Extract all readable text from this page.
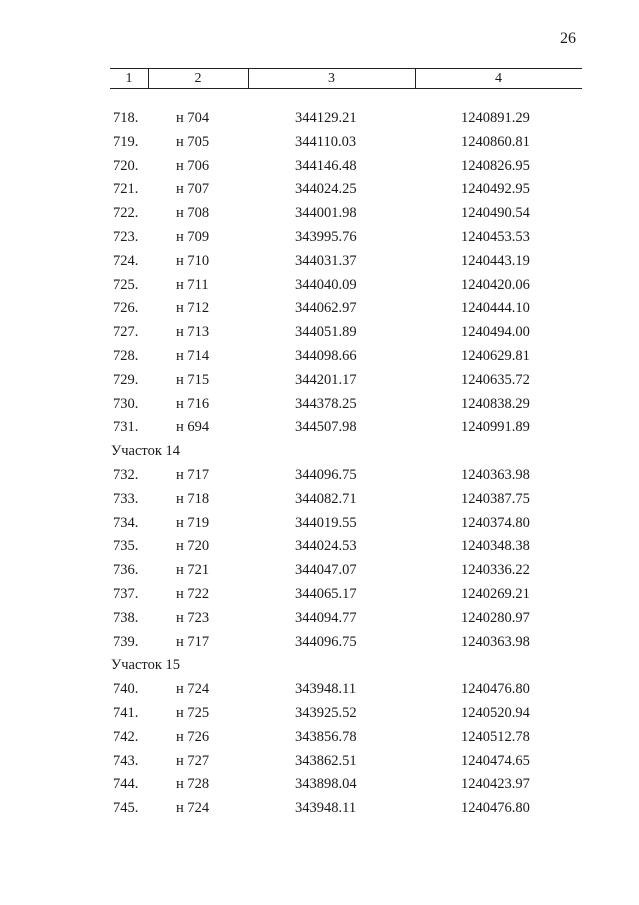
26
1	2	3	4
718.	н 704	344129.21	1240891.29
719.	н 705	344110.03	1240860.81
720.	н 706	344146.48	1240826.95
721.	н 707	344024.25	1240492.95
722.	н 708	344001.98	1240490.54
723.	н 709	343995.76	1240453.53
724.	н 710	344031.37	1240443.19
725.	н 711	344040.09	1240420.06
726.	н 712	344062.97	1240444.10
727.	н 713	344051.89	1240494.00
728.	н 714	344098.66	1240629.81
729.	н 715	344201.17	1240635.72
730.	н 716	344378.25	1240838.29
731.	н 694	344507.98	1240991.89
Участок 14
732.	н 717	344096.75	1240363.98
733.	н 718	344082.71	1240387.75
734.	н 719	344019.55	1240374.80
735.	н 720	344024.53	1240348.38
736.	н 721	344047.07	1240336.22
737.	н 722	344065.17	1240269.21
738.	н 723	344094.77	1240280.97
739.	н 717	344096.75	1240363.98
Участок 15
740.	н 724	343948.11	1240476.80
741.	н 725	343925.52	1240520.94
742.	н 726	343856.78	1240512.78
743.	н 727	343862.51	1240474.65
744.	н 728	343898.04	1240423.97
745.	н 724	343948.11	1240476.80
